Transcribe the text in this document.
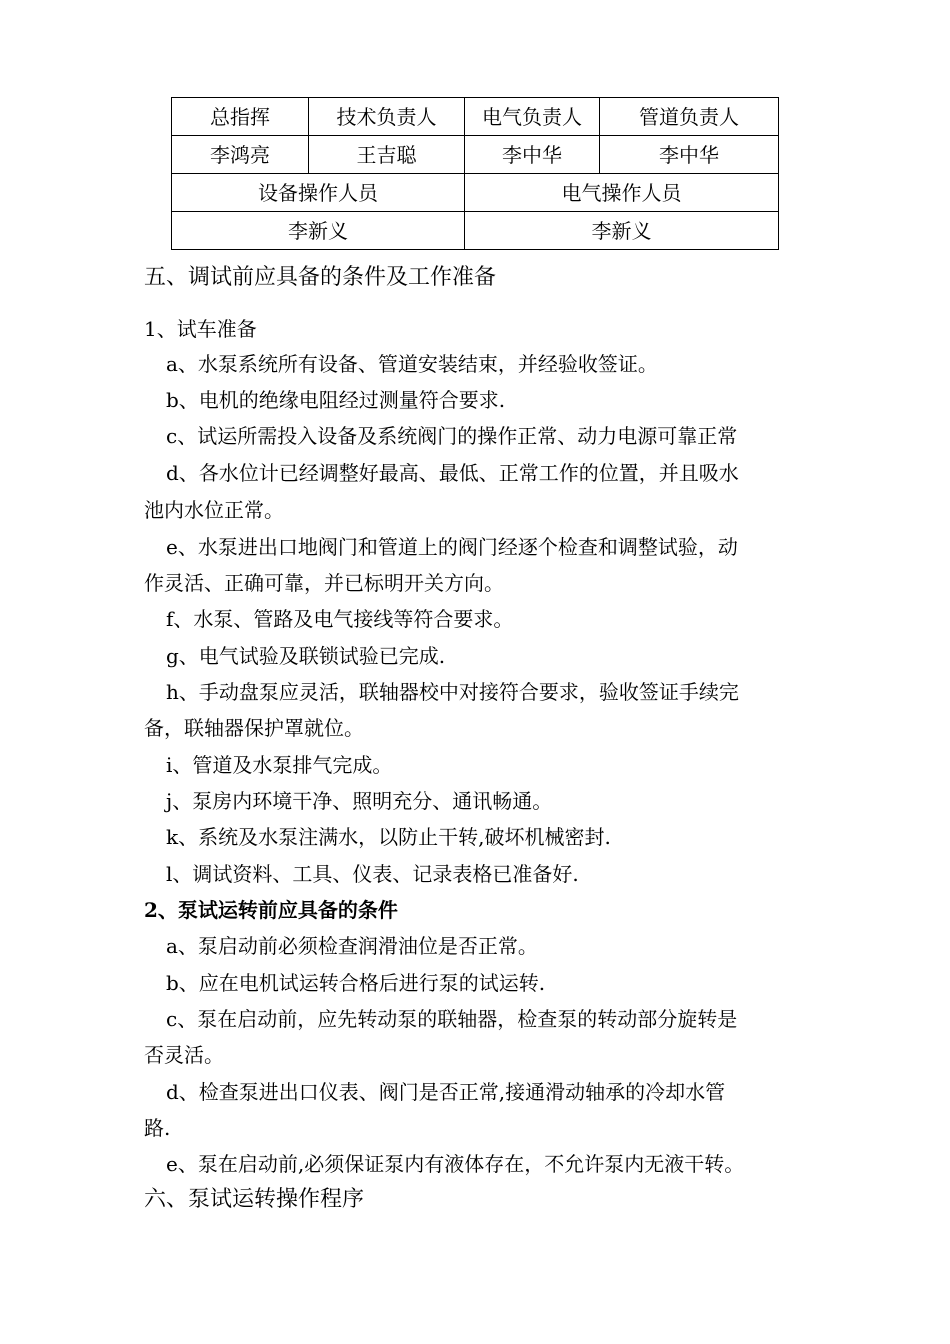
总指挥	技术负责人	电气负责人	管道负责人
李鸿亮	王吉聪	李中华	李中华
设备操作人员		电气操作人员	
李新义		李新义	
五、调试前应具备的条件及工作准备
1、试车准备
a、水泵系统所有设备、管道安装结束，并经验收签证。
b、电机的绝缘电阻经过测量符合要求.
c、试运所需投入设备及系统阀门的操作正常、动力电源可靠正常
d、各水位计已经调整好最高、最低、正常工作的位置，并且吸水
池内水位正常。
e、水泵进出口地阀门和管道上的阀门经逐个检查和调整试验，动
作灵活、正确可靠，并已标明开关方向。
f、水泵、管路及电气接线等符合要求。
g、电气试验及联锁试验已完成.
h、手动盘泵应灵活，联轴器校中对接符合要求，验收签证手续完
备，联轴器保护罩就位。
i、管道及水泵排气完成。
j、泵房内环境干净、照明充分、通讯畅通。
k、系统及水泵注满水，以防止干转,破坏机械密封.
l、调试资料、工具、仪表、记录表格已准备好.
2、泵试运转前应具备的条件
a、泵启动前必须检查润滑油位是否正常。
b、应在电机试运转合格后进行泵的试运转.
c、泵在启动前，应先转动泵的联轴器，检查泵的转动部分旋转是
否灵活。
d、检查泵进出口仪表、阀门是否正常,接通滑动轴承的冷却水管
路.
e、泵在启动前,必须保证泵内有液体存在，不允许泵内无液干转。
六、泵试运转操作程序
